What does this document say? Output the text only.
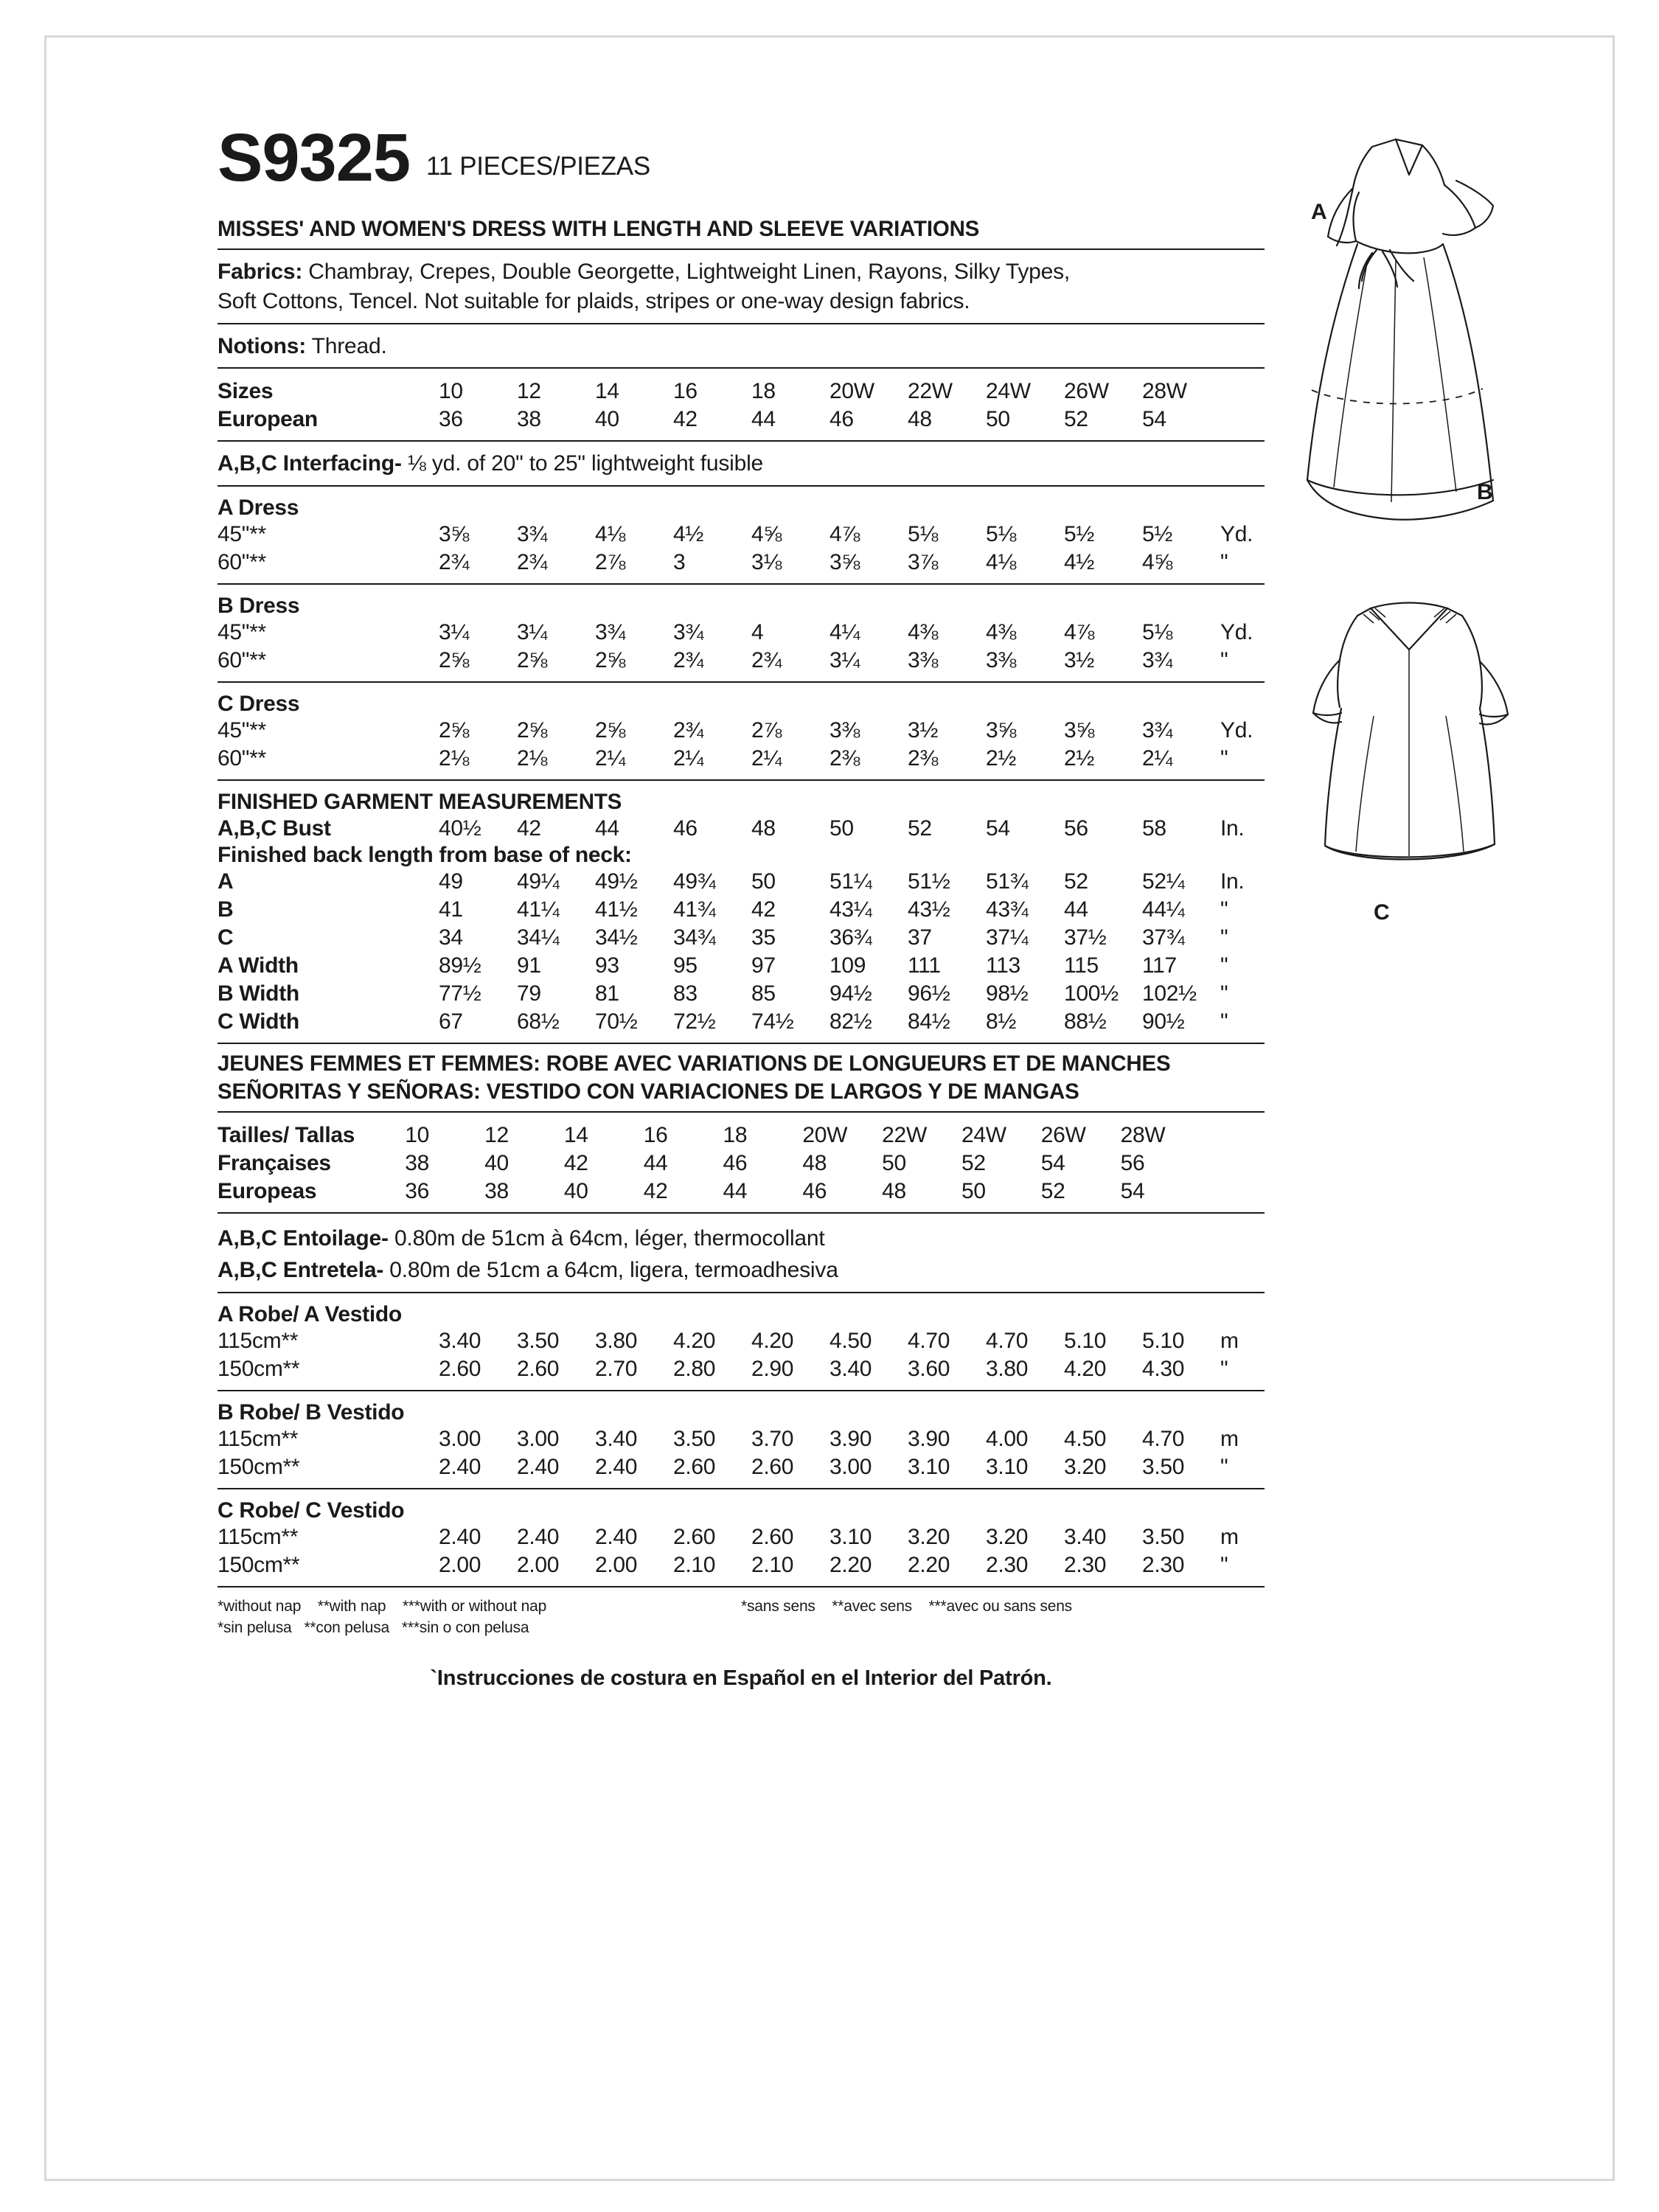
A
B
C
S9325 11 PIECES/PIEZAS
MISSES' AND WOMEN'S DRESS WITH LENGTH AND SLEEVE VARIATIONS
Fabrics: Chambray, Crepes, Double Georgette, Lightweight Linen, Rayons, Silky Types,
Soft Cottons, Tencel. Not suitable for plaids, stripes or one-way design fabrics.
Notions: Thread.
Sizes	10	12	14	16	18	20W	22W	24W	26W	28W	
European	36	38	40	42	44	46	48	50	52	54	
A,B,C Interfacing- ⅛ yd. of 20" to 25" lightweight fusible
A Dress
45"**	3⅝	3¾	4⅛	4½	4⅝	4⅞	5⅛	5⅛	5½	5½	Yd.
60"**	2¾	2¾	2⅞	3	3⅛	3⅝	3⅞	4⅛	4½	4⅝	"
B Dress
45"**	3¼	3¼	3¾	3¾	4	4¼	4⅜	4⅜	4⅞	5⅛	Yd.
60"**	2⅝	2⅝	2⅝	2¾	2¾	3¼	3⅜	3⅜	3½	3¾	"
C Dress
45"**	2⅝	2⅝	2⅝	2¾	2⅞	3⅜	3½	3⅝	3⅝	3¾	Yd.
60"**	2⅛	2⅛	2¼	2¼	2¼	2⅜	2⅜	2½	2½	2¼	"
FINISHED GARMENT MEASUREMENTS
A,B,C Bust	40½	42	44	46	48	50	52	54	56	58	In.
Finished back length from base of neck:
A	49	49¼	49½	49¾	50	51¼	51½	51¾	52	52¼	In.
B	41	41¼	41½	41¾	42	43¼	43½	43¾	44	44¼	"
C	34	34¼	34½	34¾	35	36¾	37	37¼	37½	37¾	"
A Width	89½	91	93	95	97	109	111	113	115	117	"
B Width	77½	79	81	83	85	94½	96½	98½	100½	102½	"
C Width	67	68½	70½	72½	74½	82½	84½	8½	88½	90½	"
JEUNES FEMMES ET FEMMES: ROBE AVEC VARIATIONS DE LONGUEURS ET DE MANCHES
SEÑORITAS Y SEÑORAS: VESTIDO CON VARIACIONES DE LARGOS Y DE MANGAS
Tailles/ Tallas	10	12	14	16	18	20W	22W	24W	26W	28W	
Françaises	38	40	42	44	46	48	50	52	54	56	
Europeas	36	38	40	42	44	46	48	50	52	54	
A,B,C Entoilage- 0.80m de 51cm à 64cm, léger, thermocollant
A,B,C Entretela- 0.80m de 51cm a 64cm, ligera, termoadhesiva
A Robe/ A Vestido
115cm**	3.40	3.50	3.80	4.20	4.20	4.50	4.70	4.70	5.10	5.10	m
150cm**	2.60	2.60	2.70	2.80	2.90	3.40	3.60	3.80	4.20	4.30	"
B Robe/ B Vestido
115cm**	3.00	3.00	3.40	3.50	3.70	3.90	3.90	4.00	4.50	4.70	m
150cm**	2.40	2.40	2.40	2.60	2.60	3.00	3.10	3.10	3.20	3.50	"
C Robe/ C Vestido
115cm**	2.40	2.40	2.40	2.60	2.60	3.10	3.20	3.20	3.40	3.50	m
150cm**	2.00	2.00	2.00	2.10	2.10	2.20	2.20	2.30	2.30	2.30	"
*without nap **with nap ***with or without nap
*sin pelusa **con pelusa ***sin o con pelusa
*sans sens **avec sens ***avec ou sans sens
`Instrucciones de costura en Español en el Interior del Patrón.
